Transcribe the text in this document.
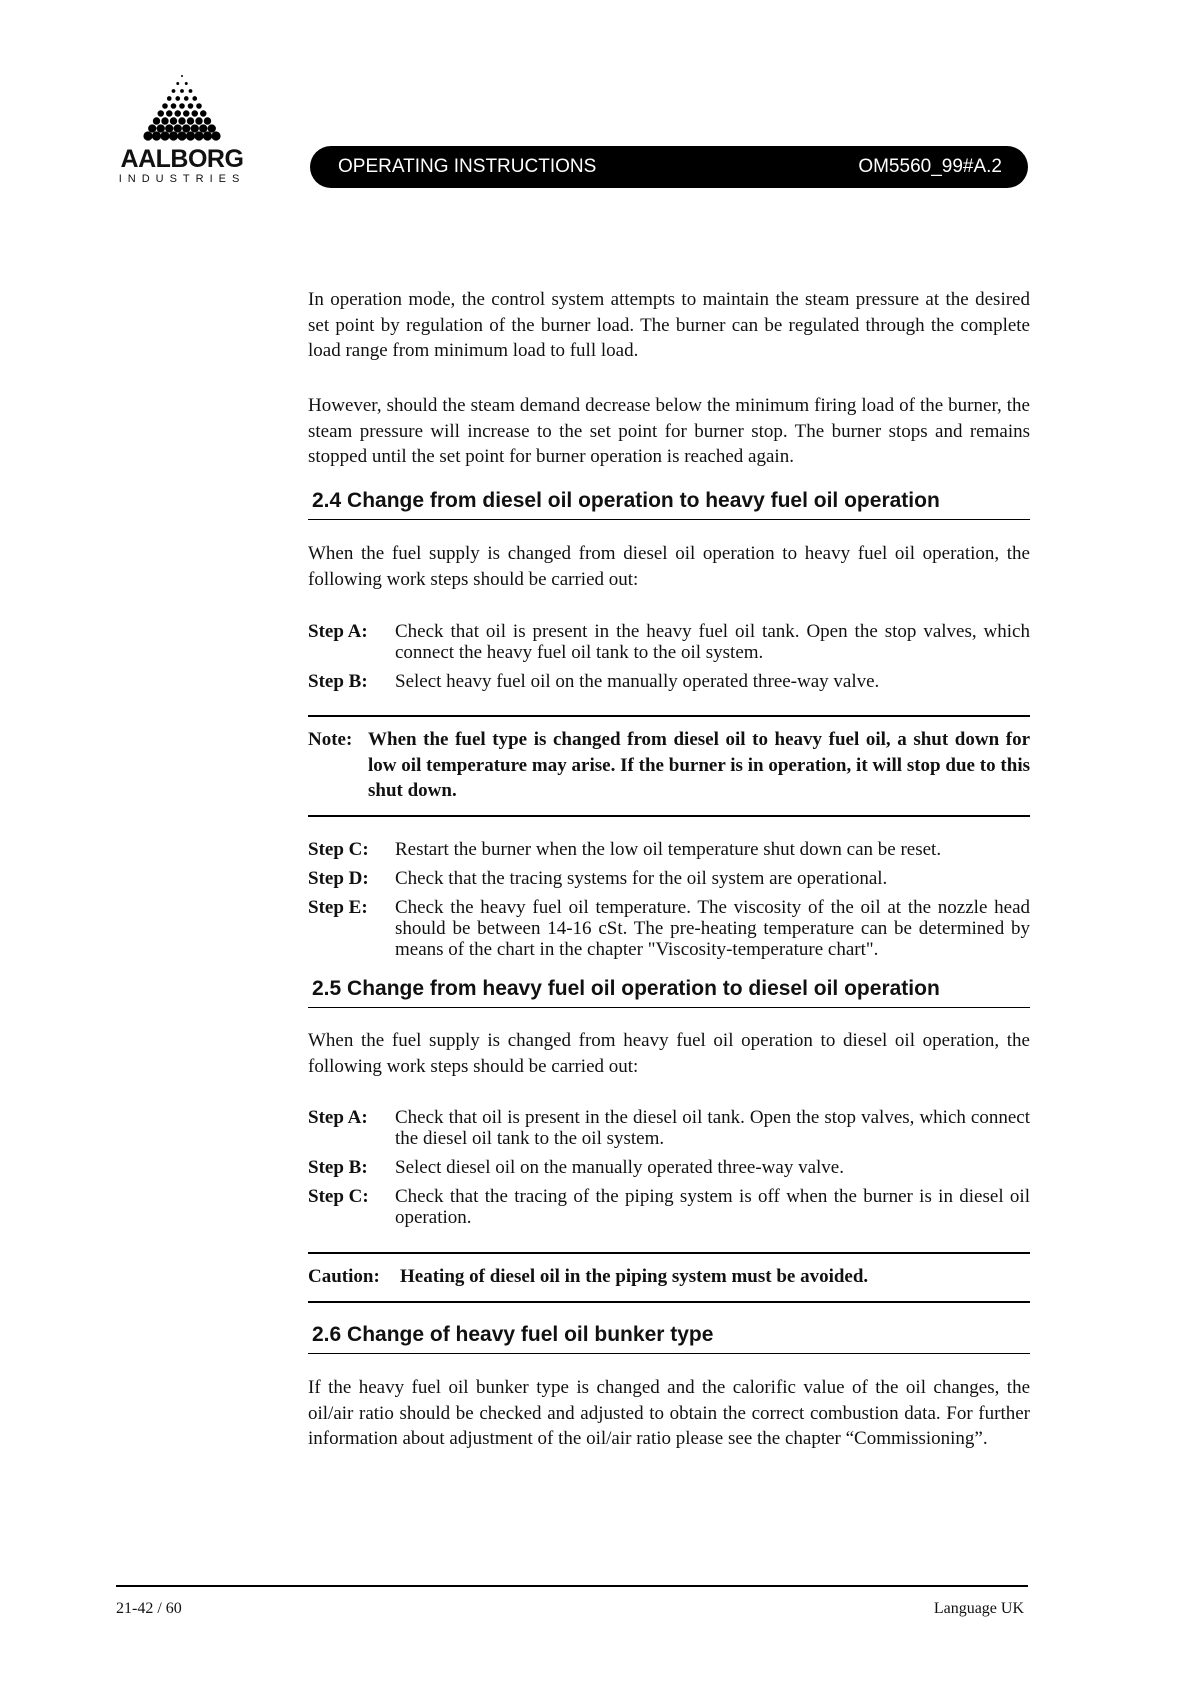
AALBORG
INDUSTRIES
OPERATING INSTRUCTIONS	OM5560_99#A.2
In operation mode, the control system attempts to maintain the steam pressure at the desired set point by regulation of the burner load. The burner can be regulated through the complete load range from minimum load to full load.
However, should the steam demand decrease below the minimum firing load of the burner, the steam pressure will increase to the set point for burner stop. The burner stops and remains stopped until the set point for burner operation is reached again.
2.4 Change from diesel oil operation to heavy fuel oil operation
When the fuel supply is changed from diesel oil operation to heavy fuel oil operation, the following work steps should be carried out:
Step A:	Check that oil is present in the heavy fuel oil tank. Open the stop valves, which connect the heavy fuel oil tank to the oil system.
Step B:	Select heavy fuel oil on the manually operated three-way valve.
Note: When the fuel type is changed from diesel oil to heavy fuel oil, a shut down for low oil temperature may arise. If the burner is in operation, it will stop due to this shut down.
Step C:	Restart the burner when the low oil temperature shut down can be reset.
Step D:	Check that the tracing systems for the oil system are operational.
Step E:	Check the heavy fuel oil temperature. The viscosity of the oil at the nozzle head should be between 14-16 cSt. The pre-heating temperature can be determined by means of the chart in the chapter "Viscosity-temperature chart".
2.5 Change from heavy fuel oil operation to diesel oil operation
When the fuel supply is changed from heavy fuel oil operation to diesel oil operation, the following work steps should be carried out:
Step A:	Check that oil is present in the diesel oil tank. Open the stop valves, which connect the diesel oil tank to the oil system.
Step B:	Select diesel oil on the manually operated three-way valve.
Step C:	Check that the tracing of the piping system is off when the burner is in diesel oil operation.
Caution:	Heating of diesel oil in the piping system must be avoided.
2.6 Change of heavy fuel oil bunker type
If the heavy fuel oil bunker type is changed and the calorific value of the oil changes, the oil/air ratio should be checked and adjusted to obtain the correct combustion data. For further information about adjustment of the oil/air ratio please see the chapter “Commissioning”.
21-42 / 60	Language UK
